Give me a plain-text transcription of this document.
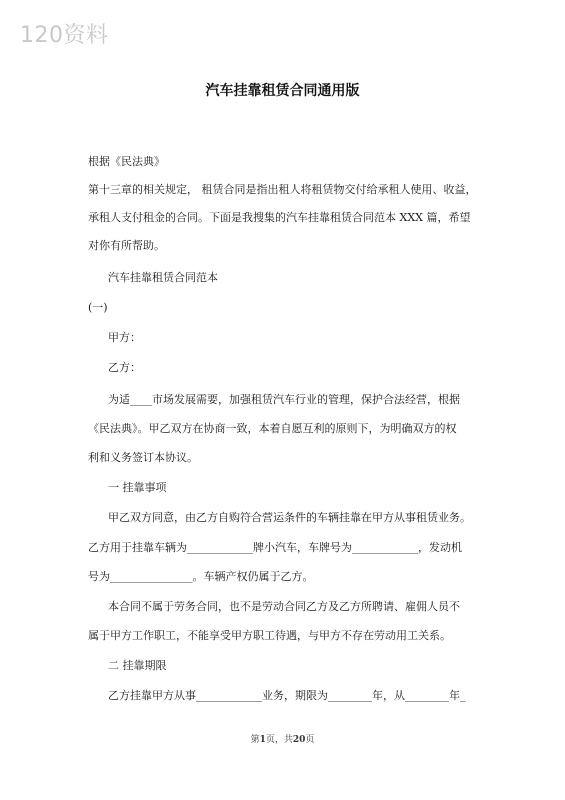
120资料
汽车挂靠租赁合同通用版
根据《民法典》
第十三章的相关规定， 租赁合同是指出租人将租赁物交付给承租人使用、收益，
承租人支付租金的合同。下面是我搜集的汽车挂靠租赁合同范本 XXX 篇，希望
对你有所帮助。
汽车挂靠租赁合同范本
(一)
甲方：
乙方：
为适____市场发展需要，加强租赁汽车行业的管理，保护合法经营，根据
《民法典》。甲乙双方在协商一致，本着自愿互利的原则下，为明确双方的权
利和义务签订本协议。
一 挂靠事项
甲乙双方同意，由乙方自购符合营运条件的车辆挂靠在甲方从事租赁业务。
乙方用于挂靠车辆为____________牌小汽车，车牌号为____________，发动机
号为_______________。车辆产权仍属于乙方。
本合同不属于劳务合同，也不是劳动合同乙方及乙方所聘请、雇佣人员不
属于甲方工作职工，不能享受甲方职工待遇，与甲方不存在劳动用工关系。
二 挂靠期限
乙方挂靠甲方从事____________业务，期限为________年，从________年_
第1页，共20页
